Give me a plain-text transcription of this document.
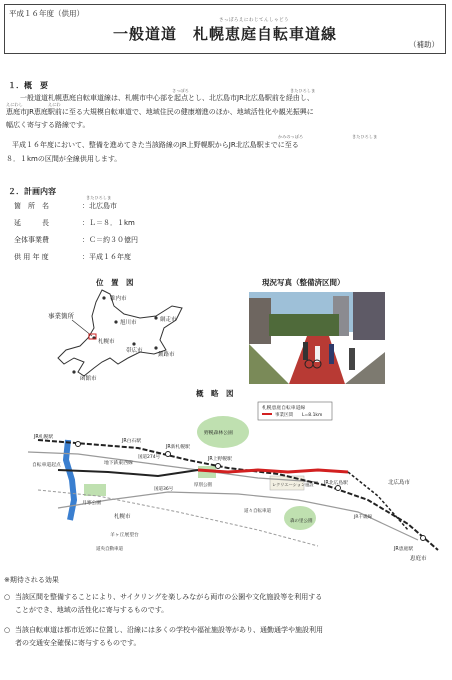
平成１６年度（供用）
さっぽろえにわじてんしゃどう
一般道道　札幌恵庭自転車道線
（補助）
１．概　要
さっぽろ	きたひろしま
えにわし	えにわ
一般道道札幌恵庭自転車道線は、札幌市中心部を起点とし、北広島市JR北広島駅前を経由し、
恵庭市JR恵庭駅前に至る大規模自転車道で、地域住民の健康増進のほか、地域活性化や観光振興に
幅広く寄与する路線です。
かみのっぽろ	きたひろしま
平成１６年度において、整備を進めてきた当該路線のJR上野幌駅からJR北広島駅までに至る
８．１kmの区間が全線供用します。
２．計画内容
きたひろしま
箇　所　名	：北広島市
延　　　長	：Ｌ＝８．１km
全体事業費	：Ｃ＝約３０億円
供 用 年 度	：平成１６年度
位　置　図	現況写真（整備済区間）
概　略　図
事業箇所
稚内市
旭川市
札幌市
網走市
函館市
帯広市
釧路市
札幌恵庭自転車道線
事業区間 L=8.1km
野幌森林公園
JR上野幌駅
JR北広島駅	北広島市
札幌市
月寒公園
羊ヶ丘展望台
JR新札幌駅
JR白石駅
JR札幌駅
地下鉄東西線
自転車道起点
国道274号
国道36号
JR恵庭駅
恵庭市
道々自転車道
道央自動車道
JR千歳線
厚別公園
森の里公園
レクリエーション施設
※期待される効果
○ 当該区間を整備することにより、サイクリングを楽しみながら両市の公園や文化施設等を利用する
ことができ、地域の活性化に寄与するものです。
○ 当該自転車道は都市近郊に位置し、沿線には多くの学校や福祉施設等があり、通勤通学や施設利用
者の交通安全確保に寄与するものです。
